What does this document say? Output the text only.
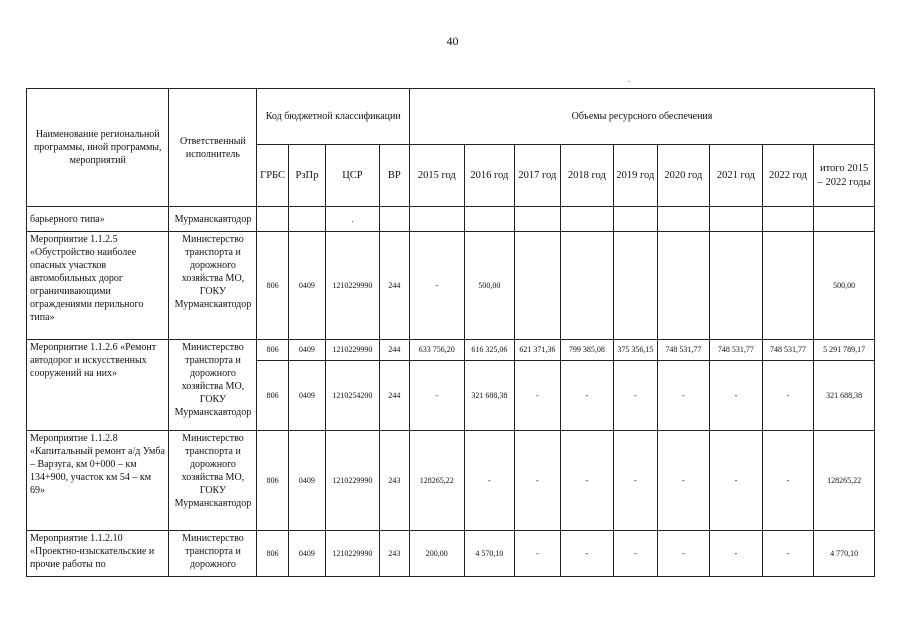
40
.
Наименование региональной программы, иной программы, мероприятий	Ответственный исполнитель	Код бюджетной классификации				Объемы ресурсного обеспечения								
		ГРБС	РзПр	ЦСР	ВР	2015 год	2016 год	2017 год	2018 год	2019 год	2020 год	2021 год	2022 год	итого 2015 – 2022 годы
барьерного типа»	Мурманскавтодор			.										
Мероприятие 1.1.2.5 «Обустройство наиболее опасных участков автомобильных дорог ограничивающими ограждениями перильного типа»	Министерство транспорта и дорожного хозяйства МО, ГОКУ Мурманскавтодор	806	0409	1210229990	244	-	500,00							500,00
Мероприятие 1.1.2.6 «Ремонт автодорог и искусственных сооружений на них»	Министерство транспорта и дорожного хозяйства МО, ГОКУ Мурманскавтодор	806	0409	1210229990	244	633 756,20	616 325,06	621 371,36	799 385,08	375 356,15	748 531,77	748 531,77	748 531,77	5 291 789,17
		806	0409	1210254200	244	-	321 688,38	-	-	-	-	-	-	321 688,38
Мероприятие 1.1.2.8 «Капитальный ремонт а/д Умба – Варзуга, км 0+000 – км 134+900, участок км 54 – км 69»	Министерство транспорта и дорожного хозяйства МО, ГОКУ Мурманскавтодор	806	0409	1210229990	243	128265,22	-	-	-	-	-	-	-	128265,22
Мероприятие 1.1.2.10 «Проектно-изыскательские и прочие работы по	Министерство транспорта и дорожного	806	0409	1210229990	243	200,00	4 570,10	-	-	-	-	-	-	4 770,10
